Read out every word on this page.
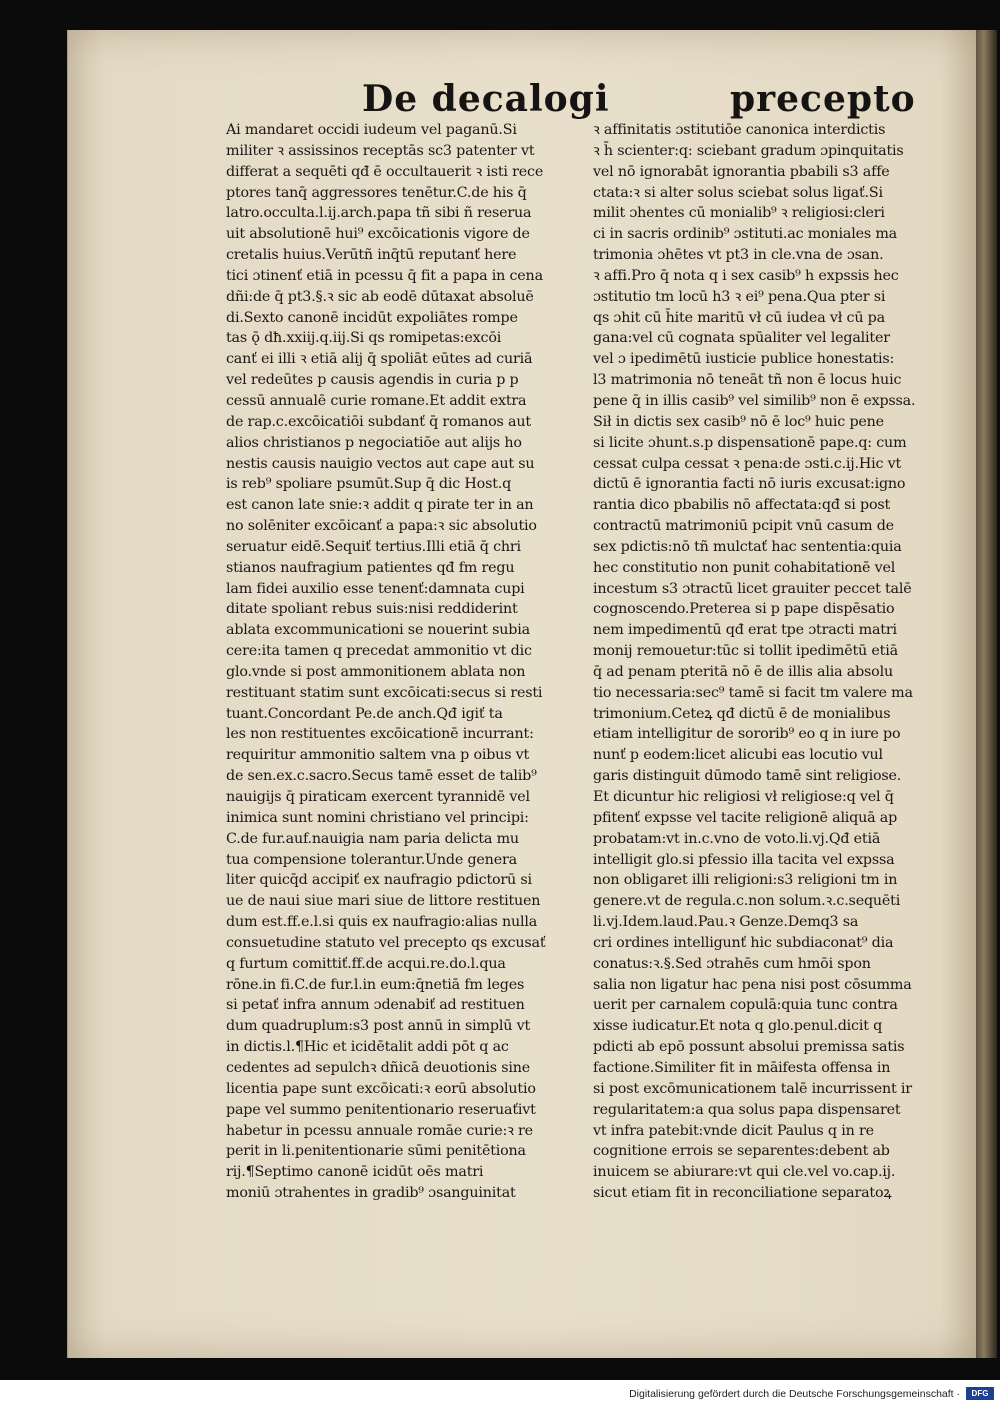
De decalogi	precepto
Ai mandaret occidi iudeum vel paganū.Si
militer ꝛ assissinos receptās sc3 patenter vt
differat a sequēti qđ ē occultauerit ꝛ isti rece
ptores tanq̄ aggressores tenētur.C.de his q̄
latro.occulta.l.ij.arch.papa tñ sibi ñ reserua
uit absolutionē hui⁹ excōicationis vigore de
cretalis huius.Verūtñ inq̄tū reputanť here
tici ɔtinenť etiā in pcessu q̄ fit a papa in cena
dñi:de q̄ pt3.§.ꝛ sic ab eodē dūtaxat absoluē
di.Sexto canonē incidūt expoliātes rompe
tas ǭ dħ.xxiij.q.iij.Si qs romipetas:excōi
canť ei illi ꝛ etiā alij q̄ spoliāt eūtes ad curiā
vel redeūtes p causis agendis in curia p p
cessū annualē curie romane.Et addit extra
de rap.c.excōicatiōi subdanť q̄ romanos aut
alios christianos p negociatiōe aut alijs ho
nestis causis nauigio vectos aut cape aut su
is reb⁹ spoliare psumūt.Sup q̄ dic Host.q
est canon late snie:ꝛ addit q pirate ter in an
no solēniter excōicanť a papa:ꝛ sic absolutio
seruatur eidē.Sequiť tertius.Illi etiā q̄ chri
stianos naufragium patientes qđ fm regu
lam fidei auxilio esse tenenť:damnata cupi
ditate spoliant rebus suis:nisi reddiderint
ablata excommunicationi se nouerint subia
cere:ita tamen q precedat ammonitio vt dic
glo.vnde si post ammonitionem ablata non
restituant statim sunt excōicati:secus si resti
tuant.Concordant Pe.de anch.Qđ igiť ta
les non restituentes excōicationē incurrant:
requiritur ammonitio saltem vna p oibus vt
de sen.ex.c.sacro.Secus tamē esset de talib⁹
nauigijs q̄ piraticam exercent tyrannidē vel
inimica sunt nomini christiano vel principi:
C.de fur.auf.nauigia nam paria delicta mu
tua compensione tolerantur.Unde genera
liter quicq̄d accipiť ex naufragio pdictorū si
ue de naui siue mari siue de littore restituen
dum est.ff.e.l.si quis ex naufragio:alias nulla
consuetudine statuto vel precepto qs excusať
q furtum comittiť.ff.de acqui.re.do.l.qua
rōne.in fi.C.de fur.l.in eum:q̄netiā fm leges
si petať infra annum ɔdenabiť ad restituen
dum quadruplum:s3 post annū in simplū vt
in dictis.l.¶Hic et icidētalit addi pōt q ac
cedentes ad sepulchꝛ dñicā deuotionis sine
licentia pape sunt excōicati:ꝛ eorū absolutio
pape vel summo penitentionario reseruaťivt
habetur in pcessu annuale romāe curie:ꝛ re
perit in li.penitentionarie sūmi penitētiona
rij.¶Septimo canonē icidūt oēs matri
moniū ɔtrahentes in gradib⁹ ɔsanguinitat
ꝛ affinitatis ɔstitutiōe canonica interdictis
ꝛ h̄ scienter:q: sciebant gradum ɔpinquitatis
vel nō ignorabāt ignorantia pbabili s3 affe
ctata:ꝛ si alter solus sciebat solus ligať.Si
milit ɔhentes cū monialib⁹ ꝛ religiosi:cleri
ci in sacris ordinib⁹ ɔstituti.ac moniales ma
trimonia ɔhētes vt pt3 in cle.vna de ɔsan.
ꝛ affi.Pro q̄ nota q i sex casib⁹ h expssis hec
ɔstitutio tm locū h3 ꝛ ei⁹ pena.Qua pter si
qs ɔhit cū h̄ite maritū vł cū iudea vł cū pa
gana:vel cū cognata spūaliter vel legaliter
vel ɔ ipedimētū iusticie publice honestatis:
l3 matrimonia nō teneāt tñ non ē locus huic
pene q̄ in illis casib⁹ vel similib⁹ non ē expssa.
Sił in dictis sex casib⁹ nō ē loc⁹ huic pene
si licite ɔhunt.s.p dispensationē pape.q: cum
cessat culpa cessat ꝛ pena:de ɔsti.c.ij.Hic vt
dictū ē ignorantia facti nō iuris excusat:igno
rantia dico pbabilis nō affectata:qđ si post
contractū matrimoniū pcipit vnū casum de
sex pdictis:nō tñ mulctať hac sententia:quia
hec constitutio non punit cohabitationē vel
incestum s3 ɔtractū licet grauiter peccet talē
cognoscendo.Preterea si p pape dispēsatio
nem impedimentū qđ erat tpe ɔtracti matri
monij remouetur:tūc si tollit ipedimētū etiā
q̄ ad penam pteritā nō ē de illis alia absolu
tio necessaria:sec⁹ tamē si facit tm valere ma
trimonium.Ceteꝝ qđ dictū ē de monialibus
etiam intelligitur de sororib⁹ eo q in iure po
nunť p eodem:licet alicubi eas locutio vul
garis distinguit dūmodo tamē sint religiose.
Et dicuntur hic religiosi vł religiose:q vel q̄
pfitenť expsse vel tacite religionē aliquā ap
probatam:vt in.c.vno de voto.li.vj.Qđ etiā
intelligit glo.si pfessio illa tacita vel expssa
non obligaret illi religioni:s3 religioni tm in
genere.vt de regula.c.non solum.ꝛ.c.sequēti
li.vj.Idem.laud.Pau.ꝛ Genze.Demq3 sa
cri ordines intelligunť hic subdiaconat⁹ dia
conatus:ꝛ.§.Sed ɔtrahēs cum hmōi spon
salia non ligatur hac pena nisi post cōsumma
uerit per carnalem copulā:quia tunc contra
xisse iudicatur.Et nota q glo.penul.dicit q
pdicti ab epō possunt absolui premissa satis
factione.Similiter fit in māifesta offensa in
si post excōmunicationem talē incurrissent ir
regularitatem:a qua solus papa dispensaret
vt infra patebit:vnde dicit Paulus q in re
cognitione errois se separentes:debent ab
inuicem se abiurare:vt qui cle.vel vo.cap.ij.
sicut etiam fit in reconciliatione separatoꝝ
Digitalisierung gefördert durch die Deutsche Forschungsgemeinschaft ·	DFG
